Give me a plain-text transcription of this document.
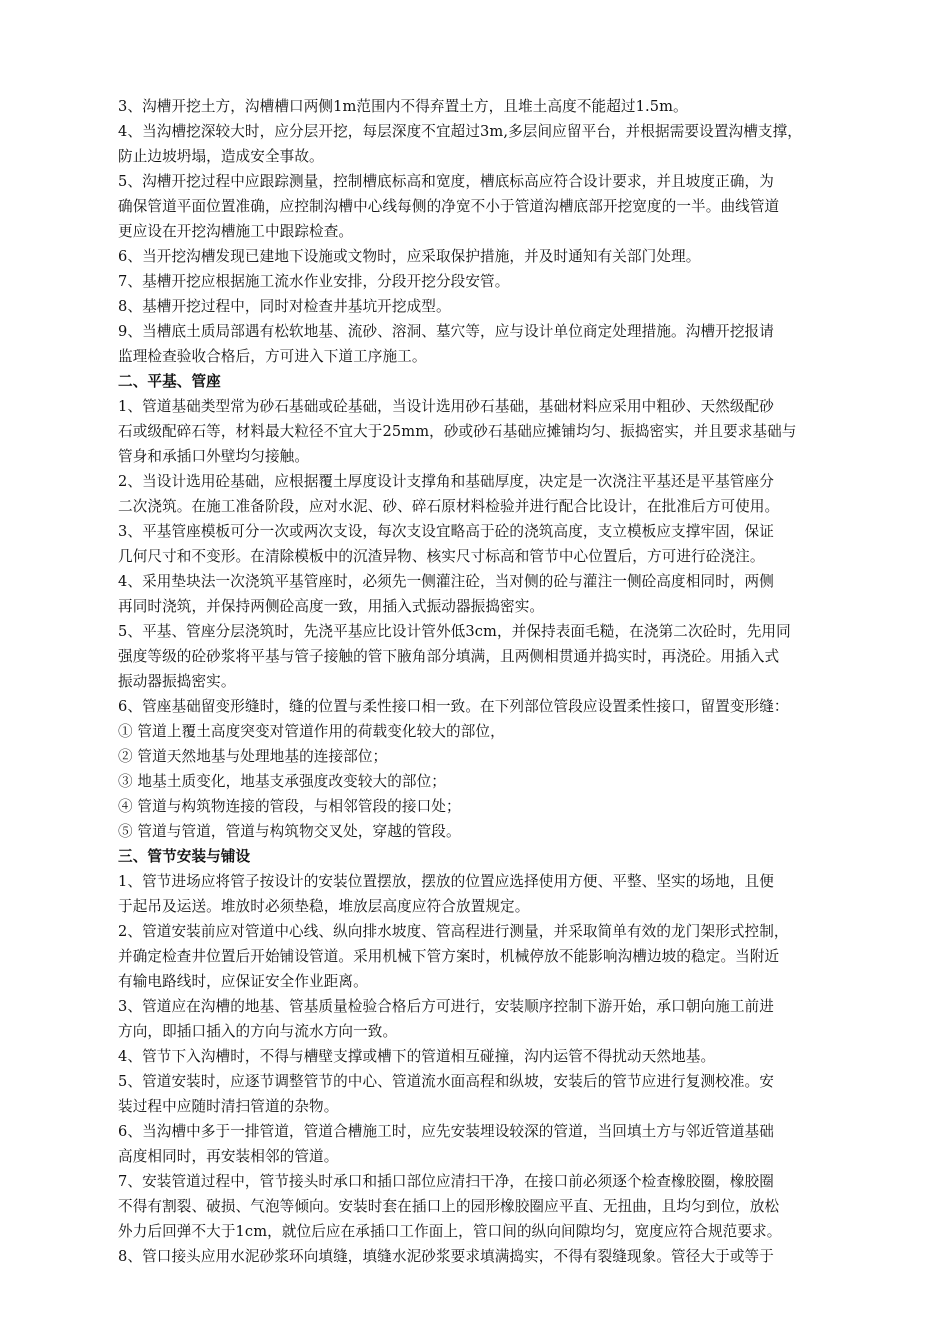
3、沟槽开挖土方，沟槽槽口两侧1m范围内不得弃置土方，且堆土高度不能超过1.5m。
4、当沟槽挖深较大时，应分层开挖，每层深度不宜超过3m,多层间应留平台，并根据需要设置沟槽支撑，
防止边坡坍塌，造成安全事故。
5、沟槽开挖过程中应跟踪测量，控制槽底标高和宽度，槽底标高应符合设计要求，并且坡度正确，为
确保管道平面位置准确，应控制沟槽中心线每侧的净宽不小于管道沟槽底部开挖宽度的一半。曲线管道
更应设在开挖沟槽施工中跟踪检查。
6、当开挖沟槽发现已建地下设施或文物时，应采取保护措施，并及时通知有关部门处理。
7、基槽开挖应根据施工流水作业安排，分段开挖分段安管。
8、基槽开挖过程中，同时对检查井基坑开挖成型。
9、当槽底土质局部遇有松软地基、流砂、溶洞、墓穴等，应与设计单位商定处理措施。沟槽开挖报请
监理检查验收合格后，方可进入下道工序施工。
二、平基、管座
1、管道基础类型常为砂石基础或砼基础，当设计选用砂石基础，基础材料应采用中粗砂、天然级配砂
石或级配碎石等，材料最大粒径不宜大于25mm，砂或砂石基础应摊铺均匀、振捣密实，并且要求基础与
管身和承插口外壁均匀接触。
2、当设计选用砼基础，应根据覆土厚度设计支撑角和基础厚度，决定是一次浇注平基还是平基管座分
二次浇筑。在施工准备阶段，应对水泥、砂、碎石原材料检验并进行配合比设计，在批准后方可使用。
3、平基管座模板可分一次或两次支设，每次支设宜略高于砼的浇筑高度，支立模板应支撑牢固，保证
几何尺寸和不变形。在清除模板中的沉渣异物、核实尺寸标高和管节中心位置后，方可进行砼浇注。
4、采用垫块法一次浇筑平基管座时，必须先一侧灌注砼，当对侧的砼与灌注一侧砼高度相同时，两侧
再同时浇筑，并保持两侧砼高度一致，用插入式振动器振捣密实。
5、平基、管座分层浇筑时，先浇平基应比设计管外低3cm，并保持表面毛糙，在浇第二次砼时，先用同
强度等级的砼砂浆将平基与管子接触的管下腋角部分填满，且两侧相贯通并捣实时，再浇砼。用插入式
振动器振捣密实。
6、管座基础留变形缝时，缝的位置与柔性接口相一致。在下列部位管段应设置柔性接口，留置变形缝：
① 管道上覆土高度突变对管道作用的荷载变化较大的部位，
② 管道天然地基与处理地基的连接部位；
③ 地基土质变化，地基支承强度改变较大的部位；
④ 管道与构筑物连接的管段，与相邻管段的接口处；
⑤ 管道与管道，管道与构筑物交叉处，穿越的管段。
三、管节安装与铺设
1、管节进场应将管子按设计的安装位置摆放，摆放的位置应选择使用方便、平整、坚实的场地，且便
于起吊及运送。堆放时必须垫稳，堆放层高度应符合放置规定。
2、管道安装前应对管道中心线、纵向排水坡度、管高程进行测量，并采取简单有效的龙门架形式控制，
并确定检查井位置后开始铺设管道。采用机械下管方案时，机械停放不能影响沟槽边坡的稳定。当附近
有输电路线时，应保证安全作业距离。
3、管道应在沟槽的地基、管基质量检验合格后方可进行，安装顺序控制下游开始，承口朝向施工前进
方向，即插口插入的方向与流水方向一致。
4、管节下入沟槽时，不得与槽壁支撑或槽下的管道相互碰撞，沟内运管不得扰动天然地基。
5、管道安装时，应逐节调整管节的中心、管道流水面高程和纵坡，安装后的管节应进行复测校准。安
装过程中应随时清扫管道的杂物。
6、当沟槽中多于一排管道，管道合槽施工时，应先安装埋设较深的管道，当回填土方与邻近管道基础
高度相同时，再安装相邻的管道。
7、安装管道过程中，管节接头时承口和插口部位应清扫干净，在接口前必须逐个检查橡胶圈，橡胶圈
不得有割裂、破损、气泡等倾向。安装时套在插口上的园形橡胶圈应平直、无扭曲，且均匀到位，放松
外力后回弹不大于1cm，就位后应在承插口工作面上，管口间的纵向间隙均匀，宽度应符合规范要求。
8、管口接头应用水泥砂浆环向填缝，填缝水泥砂浆要求填满捣实，不得有裂缝现象。管径大于或等于
